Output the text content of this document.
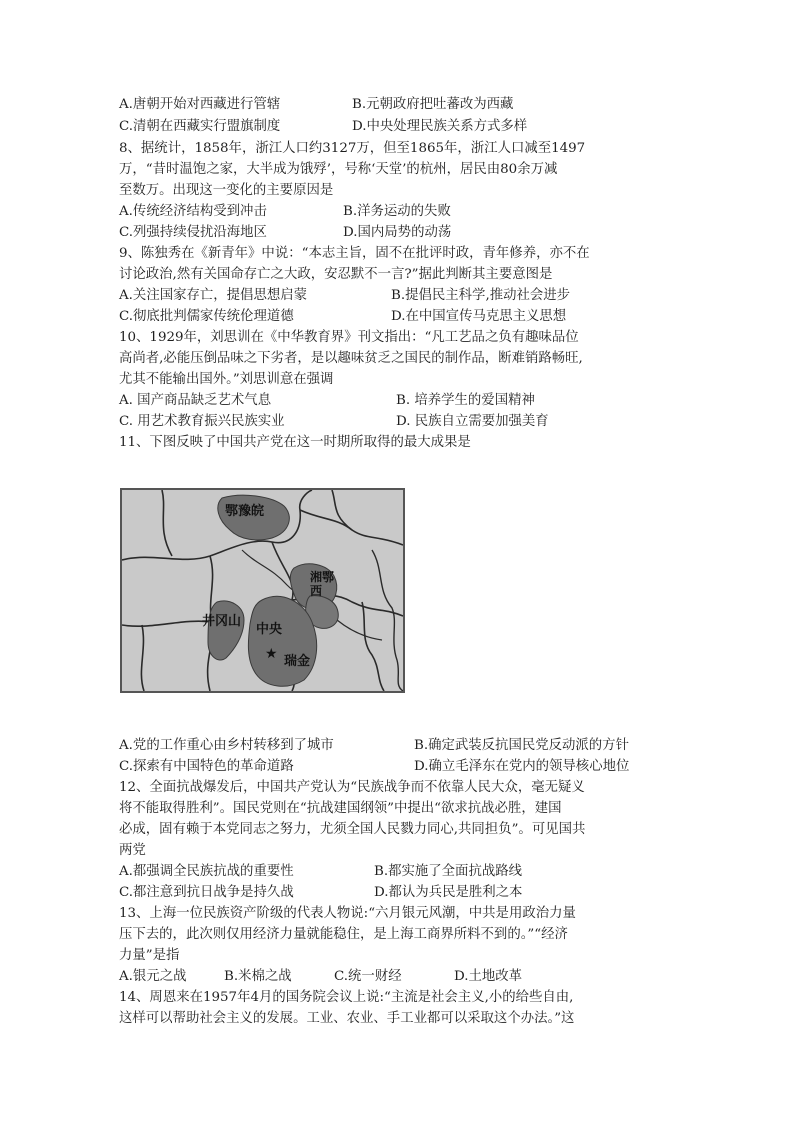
A.唐朝开始对西藏进行管辖	B.元朝政府把吐蕃改为西藏
C.清朝在西藏实行盟旗制度	D.中央处理民族关系方式多样
8、据统计，1858年，浙江人口约3127万，但至1865年，浙江人口减至1497
万，“昔时温饱之家，大半成为饿殍’，号称‘天堂’的杭州，居民由80余万减
至数万。出现这一变化的主要原因是
A.传统经济结构受到冲击	B.洋务运动的失败
C.列强持续侵扰沿海地区	D.国内局势的动荡
9、陈独秀在《新青年》中说：“本志主旨，固不在批评时政，青年修养，亦不在
讨论政治,然有关国命存亡之大政，安忍默不一言?”据此判断其主要意图是
A.关注国家存亡，提倡思想启蒙	B.提倡民主科学,推动社会进步
C.彻底批判儒家传统伦理道德	D.在中国宣传马克思主义思想
10、1929年，刘思训在《中华教育界》刊文指出：“凡工艺品之负有趣味品位
高尚者,必能压倒品味之下劣者，是以趣味贫乏之国民的制作品，断难销路畅旺,
尤其不能输出国外。”刘思训意在强调
A. 国产商品缺乏艺术气息	B. 培养学生的爱国精神
C. 用艺术教育振兴民族实业	D. 民族自立需要加强美育
11、下图反映了中国共产党在这一时期所取得的最大成果是
★
鄂豫皖
湘鄂西
井冈山
中央
瑞金
A.党的工作重心由乡村转移到了城市	B.确定武装反抗国民党反动派的方针
C.探索有中国特色的革命道路	D.确立毛泽东在党内的领导核心地位
12、全面抗战爆发后，中国共产党认为“民族战争而不依靠人民大众，毫无疑义
将不能取得胜利”。国民党则在“抗战建国纲领”中提出“欲求抗战必胜，建国
必成，固有赖于本党同志之努力，尤须全国人民戮力同心,共同担负”。可见国共
两党
A.都强调全民族抗战的重要性	B.都实施了全面抗战路线
C.都注意到抗日战争是持久战	D.都认为兵民是胜利之本
13、上海一位民族资产阶级的代表人物说:“六月银元风潮，中共是用政治力量
压下去的，此次则仅用经济力量就能稳住，是上海工商界所料不到的。”“经济
力量”是指
A.银元之战	B.米棉之战	C.统一财经	D.土地改革
14、周恩来在1957年4月的国务院会议上说:“主流是社会主义,小的给些自由,
这样可以帮助社会主义的发展。工业、农业、手工业都可以采取这个办法。”这
